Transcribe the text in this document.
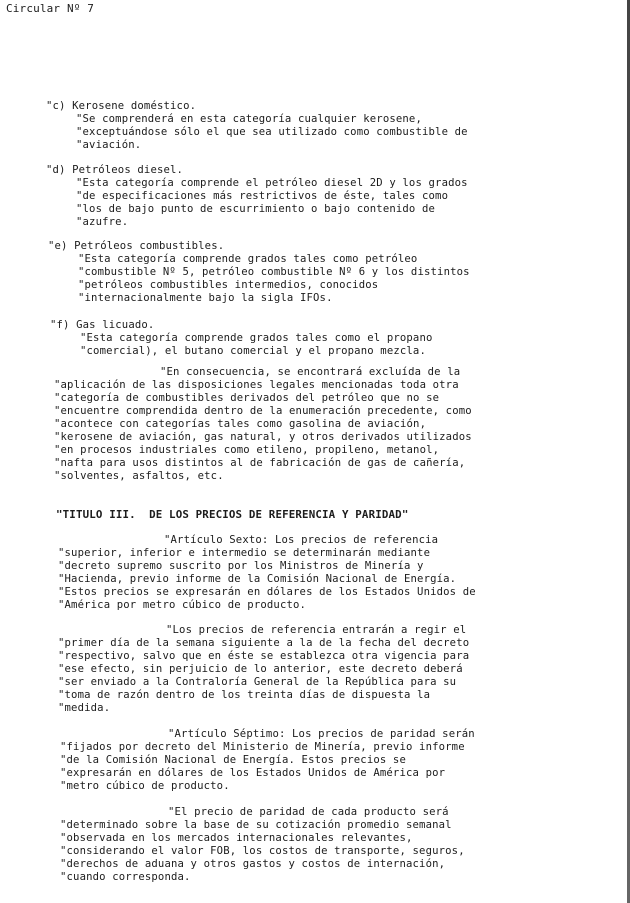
Circular Nº 7
"c) Kerosene doméstico.
"Se comprenderá en esta categoría cualquier kerosene,
"exceptuándose sólo el que sea utilizado como combustible de
"aviación.
"d) Petróleos diesel.
"Esta categoría comprende el petróleo diesel 2D y los grados
"de especificaciones más restrictivos de éste, tales como
"los de bajo punto de escurrimiento o bajo contenido de
"azufre.
"e) Petróleos combustibles.
"Esta categoría comprende grados tales como petróleo
"combustible Nº 5, petróleo combustible Nº 6 y los distintos
"petróleos combustibles intermedios, conocidos
"internacionalmente bajo la sigla IFOs.
"f) Gas licuado.
"Esta categoría comprende grados tales como el propano
"comercial), el butano comercial y el propano mezcla.
"En consecuencia, se encontrará excluída de la
"aplicación de las disposiciones legales mencionadas toda otra
"categoría de combustibles derivados del petróleo que no se
"encuentre comprendida dentro de la enumeración precedente, como
"acontece con categorías tales como gasolina de aviación,
"kerosene de aviación, gas natural, y otros derivados utilizados
"en procesos industriales como etileno, propileno, metanol,
"nafta para usos distintos al de fabricación de gas de cañería,
"solventes, asfaltos, etc.
"TITULO III.  DE LOS PRECIOS DE REFERENCIA Y PARIDAD"
"Artículo Sexto: Los precios de referencia
"superior, inferior e intermedio se determinarán mediante
"decreto supremo suscrito por los Ministros de Minería y
"Hacienda, previo informe de la Comisión Nacional de Energía.
"Estos precios se expresarán en dólares de los Estados Unidos de
"América por metro cúbico de producto.
"Los precios de referencia entrarán a regir el
"primer día de la semana siguiente a la de la fecha del decreto
"respectivo, salvo que en éste se establezca otra vigencia para
"ese efecto, sin perjuicio de lo anterior, este decreto deberá
"ser enviado a la Contraloría General de la República para su
"toma de razón dentro de los treinta días de dispuesta la
"medida.
"Artículo Séptimo: Los precios de paridad serán
"fijados por decreto del Ministerio de Minería, previo informe
"de la Comisión Nacional de Energía. Estos precios se
"expresarán en dólares de los Estados Unidos de América por
"metro cúbico de producto.
"El precio de paridad de cada producto será
"determinado sobre la base de su cotización promedio semanal
"observada en los mercados internacionales relevantes,
"considerando el valor FOB, los costos de transporte, seguros,
"derechos de aduana y otros gastos y costos de internación,
"cuando corresponda.
